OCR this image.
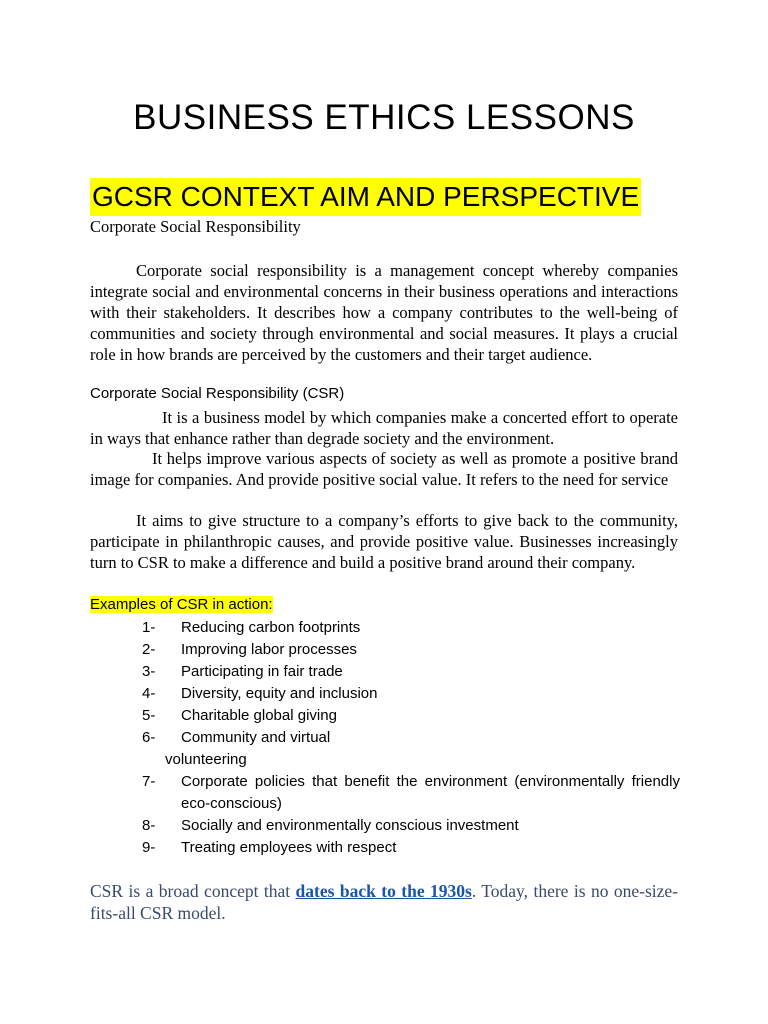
BUSINESS ETHICS LESSONS
GCSR CONTEXT AIM AND PERSPECTIVE

Corporate Social Responsibility

Corporate social responsibility is a management concept whereby companies integrate social and environmental concerns in their business operations and interactions with their stakeholders. It describes how a company contributes to the well-being of communities and society through environmental and social measures. It plays a crucial role in how brands are perceived by the customers and their target audience.

Corporate Social Responsibility (CSR)

It is a business model by which companies make a concerted effort to operate in ways that enhance rather than degrade society and the environment.

It helps improve various aspects of society as well as promote a positive brand image for companies. And provide positive social value. It refers to the need for service

It aims to give structure to a company’s efforts to give back to the community, participate in philanthropic causes, and provide positive value. Businesses increasingly turn to CSR to make a difference and build a positive brand around their company.

Examples of CSR in action:

1- Reducing carbon footprints
2- Improving labor processes
3- Participating in fair trade
4- Diversity, equity and inclusion
5- Charitable global giving
6- Community and virtual
volunteering
7- Corporate policies that benefit the environment (environmentally friendly eco-conscious)
8- Socially and environmentally conscious investment
9- Treating employees with respect

CSR is a broad concept that dates back to the 1930s. Today, there is no one-size-fits-all CSR model.
